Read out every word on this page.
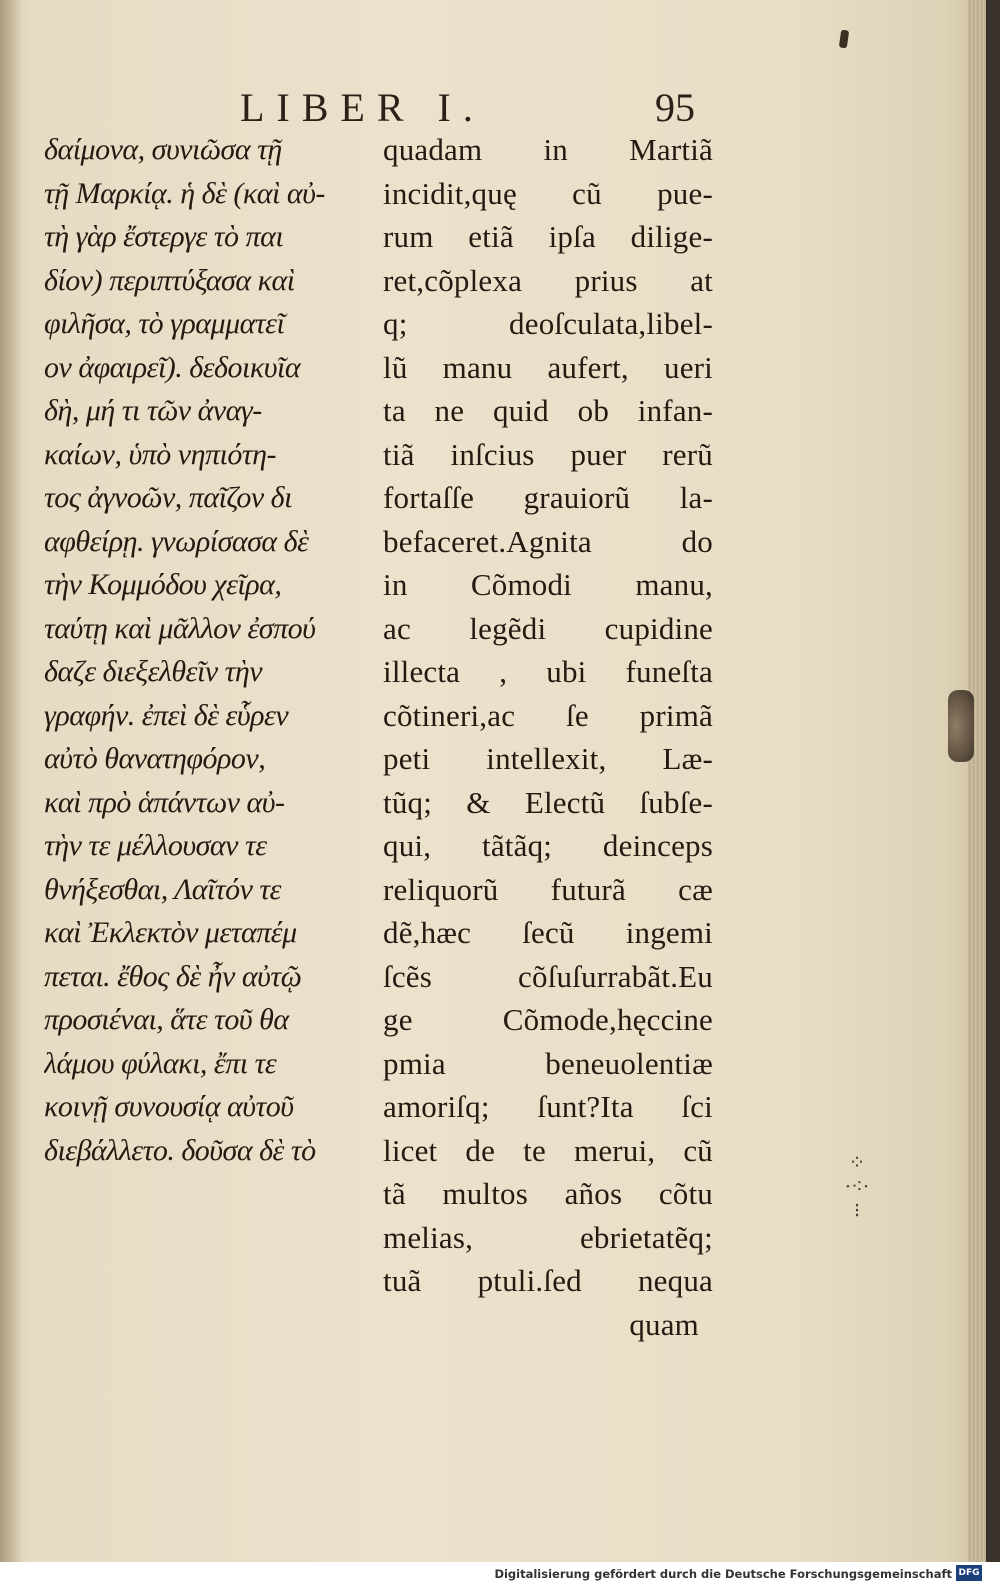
⁘
·⁖·
⁝
LIBER I.	95
δαίμονα, συνιῶσα τῇ
τῇ Μαρκίᾳ. ἡ δὲ (καὶ αὐ-
τὴ γὰρ ἔστεργε τὸ παι
δίον) περιπτύξασα καὶ
φιλῆσα, τὸ γραμματεῖ
ον ἀφαιρεῖ). δεδοικυῖα
δὴ, μή τι τῶν ἀναγ-
καίων, ὑπὸ νηπιότη-
τος ἀγνοῶν, παῖζον δι
αφθείρῃ. γνωρίσασα δὲ
τὴν Κομμόδου χεῖρα,
ταύτῃ καὶ μᾶλλον ἐσπού
δαζε διεξελθεῖν τὴν
γραφήν. ἐπεὶ δὲ εὗρεν
αὐτὸ θανατηφόρον,
καὶ πρὸ ἁπάντων αὐ-
τὴν τε μέλλουσαν τε
θνήξεσθαι, Λαῖτόν τε
καὶ Ἐκλεκτὸν μεταπέμ
πεται. ἔθος δὲ ἦν αὐτῷ
προσιέναι, ἅτε τοῦ θα
λάμου φύλακι, ἔπι τε
κοινῇ συνουσίᾳ αὐτοῦ
διεβάλλετο. δοῦσα δὲ τὸ
quadam in Martiã
incidit,quę cũ pue-
rum etiã ipſa dilige-
ret,cõplexa prius at
q; deoſculata,libel-
lũ manu aufert, ueri
ta ne quid ob infan-
tiã inſcius puer rerũ
fortaſſe grauiorũ la-
befaceret.Agnita do
in Cõmodi manu,
ac legẽdi cupidine
illecta , ubi funeſta
cõtineri,ac ſe primã
peti intellexit, Læ-
tũq; & Electũ ſubſe-
qui, tãtãq; deinceps
reliquorũ futurã cæ
dẽ,hæc ſecũ ingemi
ſcẽs cõſuſurrabãt.Eu
ge Cõmode,hęccine
pmia beneuolentiæ
amoriſq; ſunt?Ita ſci
licet de te merui, cũ
tã multos años cõtu
melias, ebrietatẽq;
tuã ptuli.ſed nequa
quam
Digitalisierung gefördert durch die Deutsche Forschungsgemeinschaft DFG
